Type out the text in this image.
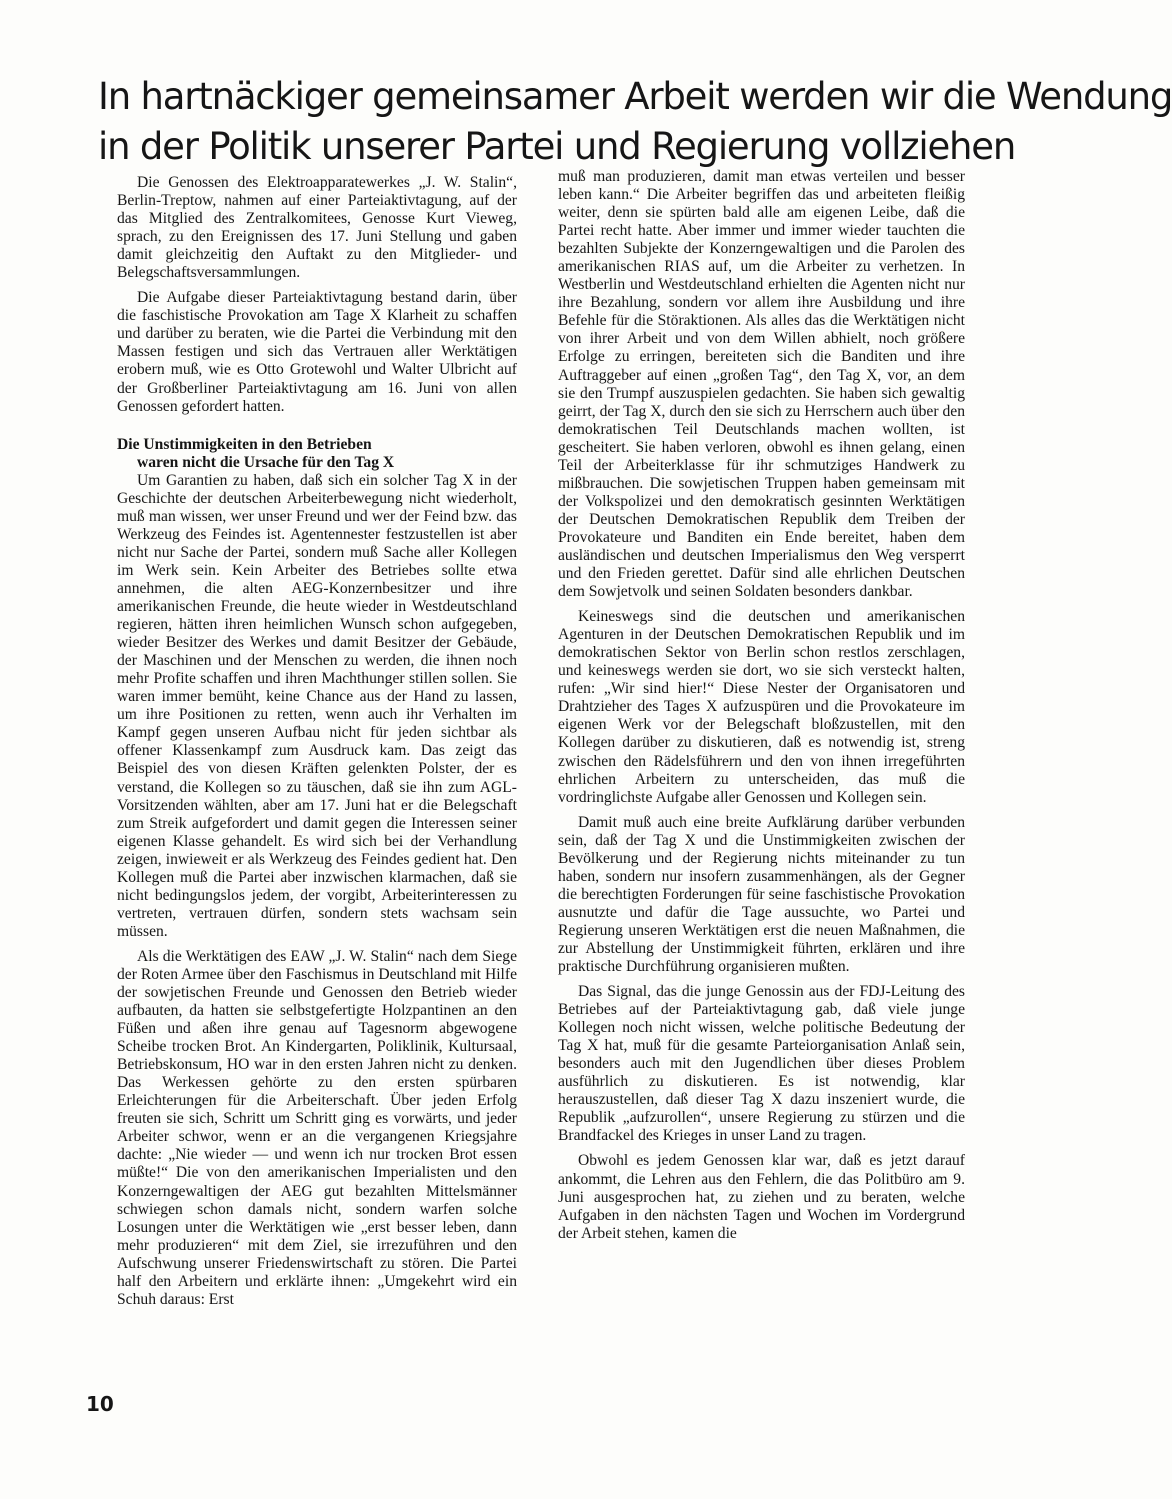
In hartnäckiger gemeinsamer Arbeit werden wir die Wendung
in der Politik unserer Partei und Regierung vollziehen

Die Genossen des Elektroapparatewerkes „J. W. Stalin“, Berlin-Treptow, nahmen auf einer Parteiaktivtagung, auf der das Mitglied des Zentralkomitees, Genosse Kurt Vieweg, sprach, zu den Ereignissen des 17. Juni Stellung und gaben damit gleichzeitig den Auftakt zu den Mitglieder- und Belegschaftsversammlungen.

Die Aufgabe dieser Parteiaktivtagung bestand darin, über die faschistische Provokation am Tage X Klarheit zu schaffen und darüber zu beraten, wie die Partei die Verbindung mit den Massen festigen und sich das Vertrauen aller Werktätigen erobern muß, wie es Otto Grotewohl und Walter Ulbricht auf der Großberliner Parteiaktivtagung am 16. Juni von allen Genossen gefordert hatten.

Die Unstimmigkeiten in den Betrieben
waren nicht die Ursache für den Tag X

Um Garantien zu haben, daß sich ein solcher Tag X in der Geschichte der deutschen Arbeiterbewegung nicht wiederholt, muß man wissen, wer unser Freund und wer der Feind bzw. das Werkzeug des Feindes ist. Agentennester festzustellen ist aber nicht nur Sache der Partei, sondern muß Sache aller Kollegen im Werk sein. Kein Arbeiter des Betriebes sollte etwa annehmen, die alten AEG-Konzernbesitzer und ihre amerikanischen Freunde, die heute wieder in Westdeutschland regieren, hätten ihren heimlichen Wunsch schon aufgegeben, wieder Besitzer des Werkes und damit Besitzer der Gebäude, der Maschinen und der Menschen zu werden, die ihnen noch mehr Profite schaffen und ihren Machthunger stillen sollen. Sie waren immer bemüht, keine Chance aus der Hand zu lassen, um ihre Positionen zu retten, wenn auch ihr Verhalten im Kampf gegen unseren Aufbau nicht für jeden sichtbar als offener Klassenkampf zum Ausdruck kam. Das zeigt das Beispiel des von diesen Kräften gelenkten Polster, der es verstand, die Kollegen so zu täuschen, daß sie ihn zum AGL-Vorsitzenden wählten, aber am 17. Juni hat er die Belegschaft zum Streik aufgefordert und damit gegen die Interessen seiner eigenen Klasse gehandelt. Es wird sich bei der Verhandlung zeigen, inwieweit er als Werkzeug des Feindes gedient hat. Den Kollegen muß die Partei aber inzwischen klarmachen, daß sie nicht bedingungslos jedem, der vorgibt, Arbeiterinteressen zu vertreten, vertrauen dürfen, sondern stets wachsam sein müssen.

Als die Werktätigen des EAW „J. W. Stalin“ nach dem Siege der Roten Armee über den Faschismus in Deutschland mit Hilfe der sowjetischen Freunde und Genossen den Betrieb wieder aufbauten, da hatten sie selbstgefertigte Holzpantinen an den Füßen und aßen ihre genau auf Tagesnorm abgewogene Scheibe trocken Brot. An Kindergarten, Poliklinik, Kultursaal, Betriebskonsum, HO war in den ersten Jahren nicht zu denken. Das Werkessen gehörte zu den ersten spürbaren Erleichterungen für die Arbeiterschaft. Über jeden Erfolg freuten sie sich, Schritt um Schritt ging es vorwärts, und jeder Arbeiter schwor, wenn er an die vergangenen Kriegsjahre dachte: „Nie wieder — und wenn ich nur trocken Brot essen müßte!“ Die von den amerikanischen Imperialisten und den Konzerngewaltigen der AEG gut bezahlten Mittelsmänner schwiegen schon damals nicht, sondern warfen solche Losungen unter die Werktätigen wie „erst besser leben, dann mehr produzieren“ mit dem Ziel, sie irrezuführen und den Aufschwung unserer Friedenswirtschaft zu stören. Die Partei half den Arbeitern und erklärte ihnen: „Umgekehrt wird ein Schuh daraus: Erst

muß man produzieren, damit man etwas verteilen und besser leben kann.“ Die Arbeiter begriffen das und arbeiteten fleißig weiter, denn sie spürten bald alle am eigenen Leibe, daß die Partei recht hatte. Aber immer und immer wieder tauchten die bezahlten Subjekte der Konzerngewaltigen und die Parolen des amerikanischen RIAS auf, um die Arbeiter zu verhetzen. In Westberlin und Westdeutschland erhielten die Agenten nicht nur ihre Bezahlung, sondern vor allem ihre Ausbildung und ihre Befehle für die Störaktionen. Als alles das die Werktätigen nicht von ihrer Arbeit und von dem Willen abhielt, noch größere Erfolge zu erringen, bereiteten sich die Banditen und ihre Auftraggeber auf einen „großen Tag“, den Tag X, vor, an dem sie den Trumpf auszuspielen gedachten. Sie haben sich gewaltig geirrt, der Tag X, durch den sie sich zu Herrschern auch über den demokratischen Teil Deutschlands machen wollten, ist gescheitert. Sie haben verloren, obwohl es ihnen gelang, einen Teil der Arbeiterklasse für ihr schmutziges Handwerk zu mißbrauchen. Die sowjetischen Truppen haben gemeinsam mit der Volkspolizei und den demokratisch gesinnten Werktätigen der Deutschen Demokratischen Republik dem Treiben der Provokateure und Banditen ein Ende bereitet, haben dem ausländischen und deutschen Imperialismus den Weg versperrt und den Frieden gerettet. Dafür sind alle ehrlichen Deutschen dem Sowjetvolk und seinen Soldaten besonders dankbar.

Keineswegs sind die deutschen und amerikanischen Agenturen in der Deutschen Demokratischen Republik und im demokratischen Sektor von Berlin schon restlos zerschlagen, und keineswegs werden sie dort, wo sie sich versteckt halten, rufen: „Wir sind hier!“ Diese Nester der Organisatoren und Drahtzieher des Tages X aufzuspüren und die Provokateure im eigenen Werk vor der Belegschaft bloßzustellen, mit den Kollegen darüber zu diskutieren, daß es notwendig ist, streng zwischen den Rädelsführern und den von ihnen irregeführten ehrlichen Arbeitern zu unterscheiden, das muß die vordringlichste Aufgabe aller Genossen und Kollegen sein.

Damit muß auch eine breite Aufklärung darüber verbunden sein, daß der Tag X und die Unstimmigkeiten zwischen der Bevölkerung und der Regierung nichts miteinander zu tun haben, sondern nur insofern zusammenhängen, als der Gegner die berechtigten Forderungen für seine faschistische Provokation ausnutzte und dafür die Tage aussuchte, wo Partei und Regierung unseren Werktätigen erst die neuen Maßnahmen, die zur Abstellung der Unstimmigkeit führten, erklären und ihre praktische Durchführung organisieren mußten.

Das Signal, das die junge Genossin aus der FDJ-Leitung des Betriebes auf der Parteiaktivtagung gab, daß viele junge Kollegen noch nicht wissen, welche politische Bedeutung der Tag X hat, muß für die gesamte Parteiorganisation Anlaß sein, besonders auch mit den Jugendlichen über dieses Problem ausführlich zu diskutieren. Es ist notwendig, klar herauszustellen, daß dieser Tag X dazu inszeniert wurde, die Republik „aufzurollen“, unsere Regierung zu stürzen und die Brandfackel des Krieges in unser Land zu tragen.

Obwohl es jedem Genossen klar war, daß es jetzt darauf ankommt, die Lehren aus den Fehlern, die das Politbüro am 9. Juni ausgesprochen hat, zu ziehen und zu beraten, welche Aufgaben in den nächsten Tagen und Wochen im Vordergrund der Arbeit stehen, kamen die

10
